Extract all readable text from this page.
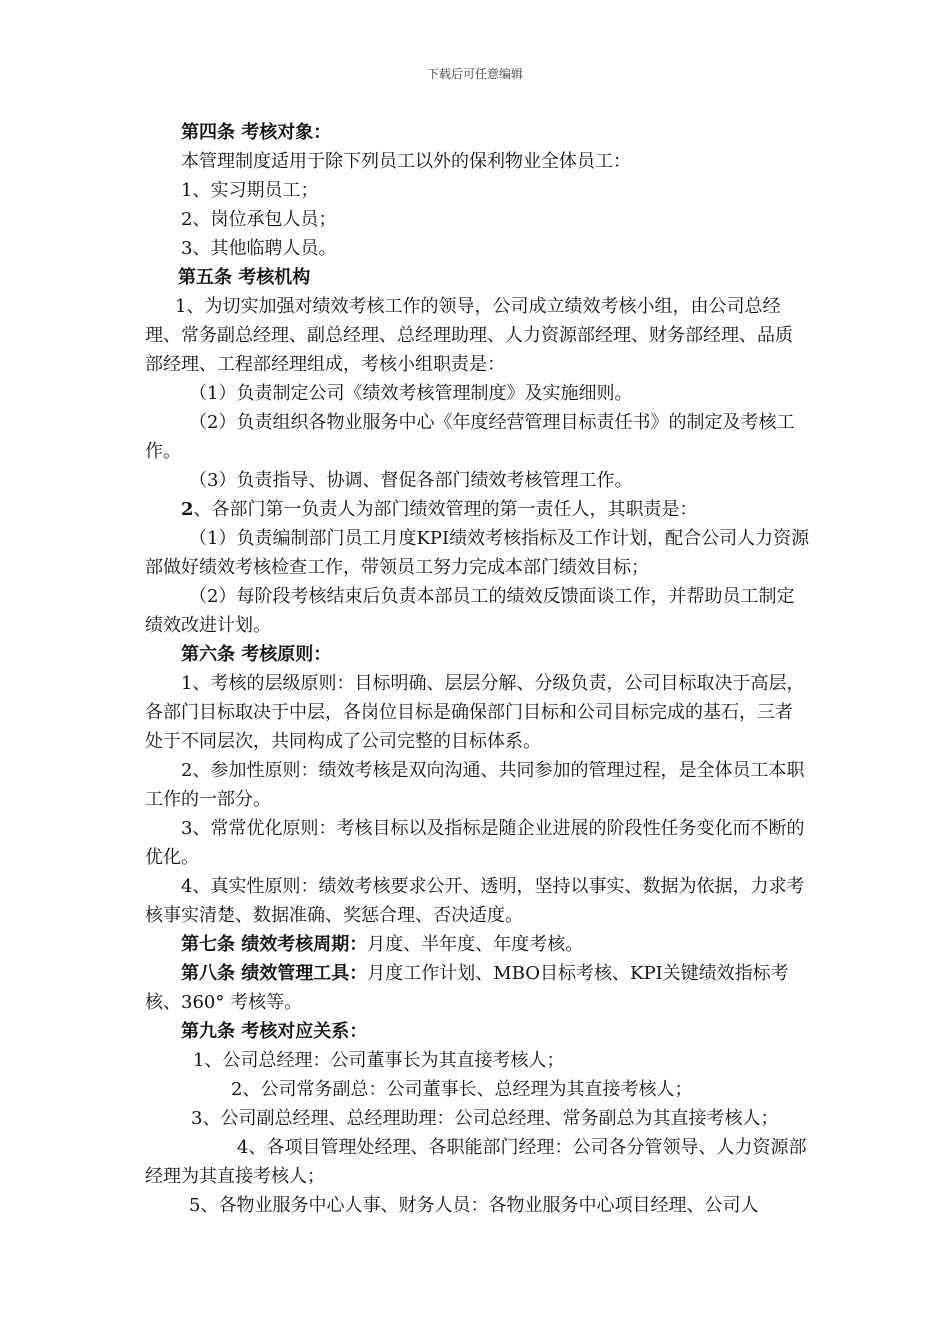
下载后可任意编辑

第四条 考核对象：

本管理制度适用于除下列员工以外的保利物业全体员工：

1、实习期员工；

2、岗位承包人员；

3、其他临聘人员。

第五条 考核机构

1、为切实加强对绩效考核工作的领导，公司成立绩效考核小组，由公司总经理、常务副总经理、副总经理、总经理助理、人力资源部经理、财务部经理、品质部经理、工程部经理组成，考核小组职责是：

（1）负责制定公司《绩效考核管理制度》及实施细则。

（2）负责组织各物业服务中心《年度经营管理目标责任书》的制定及考核工作。

（3）负责指导、协调、督促各部门绩效考核管理工作。

2、各部门第一负责人为部门绩效管理的第一责任人，其职责是：

（1）负责编制部门员工月度KPI绩效考核指标及工作计划，配合公司人力资源部做好绩效考核检查工作，带领员工努力完成本部门绩效目标；

（2）每阶段考核结束后负责本部员工的绩效反馈面谈工作，并帮助员工制定绩效改进计划。

第六条 考核原则：

1、考核的层级原则：目标明确、层层分解、分级负责，公司目标取决于高层，各部门目标取决于中层，各岗位目标是确保部门目标和公司目标完成的基石，三者处于不同层次，共同构成了公司完整的目标体系。

2、参加性原则：绩效考核是双向沟通、共同参加的管理过程，是全体员工本职工作的一部分。

3、常常优化原则：考核目标以及指标是随企业进展的阶段性任务变化而不断的优化。

4、真实性原则：绩效考核要求公开、透明，坚持以事实、数据为依据，力求考核事实清楚、数据准确、奖惩合理、否决适度。

第七条 绩效考核周期：月度、半年度、年度考核。

第八条 绩效管理工具：月度工作计划、MBO目标考核、KPI关键绩效指标考核、360° 考核等。

第九条 考核对应关系：

1、公司总经理：公司董事长为其直接考核人；

2、公司常务副总：公司董事长、总经理为其直接考核人；

3、公司副总经理、总经理助理：公司总经理、常务副总为其直接考核人；

4、各项目管理处经理、各职能部门经理：公司各分管领导、人力资源部经理为其直接考核人；

5、各物业服务中心人事、财务人员：各物业服务中心项目经理、公司人
